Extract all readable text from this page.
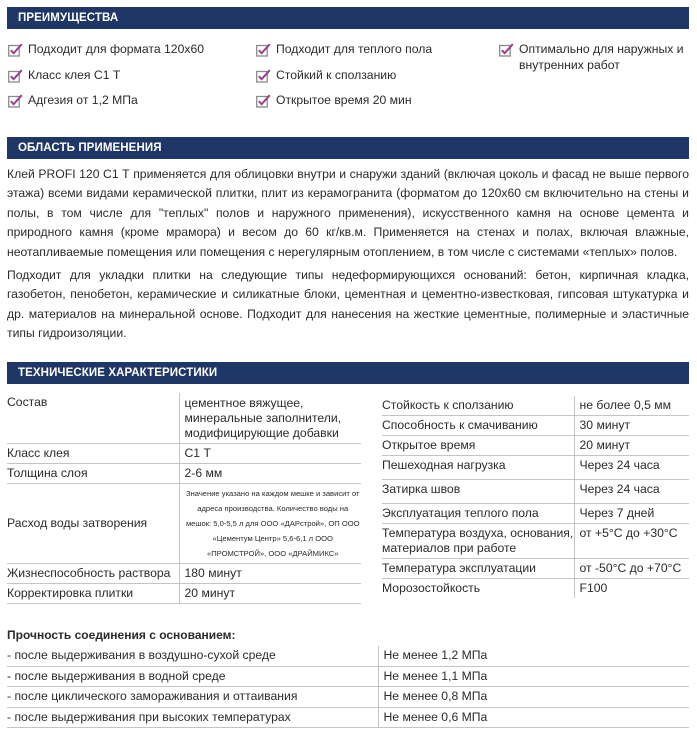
ПРЕИМУЩЕСТВА
Подходит для формата 120х60
Класс клея С1 Т
Адгезия от 1,2 МПа
Подходит для теплого пола
Стойкий к сползанию
Открытое время 20 мин
Оптимально для наружных и внутренних работ
ОБЛАСТЬ ПРИМЕНЕНИЯ
Клей PROFI 120 С1 Т применяется для облицовки внутри и снаружи зданий (включая цоколь и фасад не выше первого этажа) всеми видами керамической плитки, плит из керамогранита (форматом до 120х60 см включительно на стены и полы, в том числе для "теплых" полов и наружного применения), искусственного камня на основе цемента и природного камня (кроме мрамора) и весом до 60 кг/кв.м. Применяется на стенах и полах, включая влажные, неотапливаемые помещения или помещения с нерегулярным отоплением, в том числе с системами «теплых» полов.
Подходит для укладки плитки на следующие типы недеформирующихся оснований: бетон, кирпичная кладка, газобетон, пенобетон, керамические и силикатные блоки, цементная и цементно-известковая, гипсовая штукатурка и др. материалов на минеральной основе. Подходит для нанесения на жесткие цементные, полимерные и эластичные типы гидроизоляции.
ТЕХНИЧЕСКИЕ ХАРАКТЕРИСТИКИ
Состав	цементное вяжущее, минеральные заполнители, модифицирующие добавки
Класс клея	С1 Т
Толщина слоя	2-6 мм
Расход воды затворения	Значение указано на каждом мешке и зависит от адреса производства. Количество воды на мешок: 5,0-5,5 л для ООО «ДАРстрой», ОП ООО «Цементум Центр» 5,6-6,1 л ООО «ПРОМСТРОЙ», ООО «ДРАЙМИКС»
Жизнеспособность раствора	180 минут
Корректировка плитки	20 минут
Стойкость к сползанию	не более 0,5 мм
Способность к смачиванию	30 минут
Открытое время	20 минут
Пешеходная нагрузка	Через 24 часа
Затирка швов	Через 24 часа
Эксплуатация теплого пола	Через 7 дней
Температура воздуха, основания, материалов при работе	от +5°С до +30°С
Температура эксплуатации	от -50°С до +70°С
Морозостойкость	F100
Прочность соединения с основанием:
- после выдерживания в воздушно-сухой среде	Не менее 1,2 МПа
- после выдерживания в водной среде	Не менее 1,1 МПа
- после циклического замораживания и оттаивания	Не менее 0,8 МПа
- после выдерживания при высоких температурах	Не менее 0,6 МПа
